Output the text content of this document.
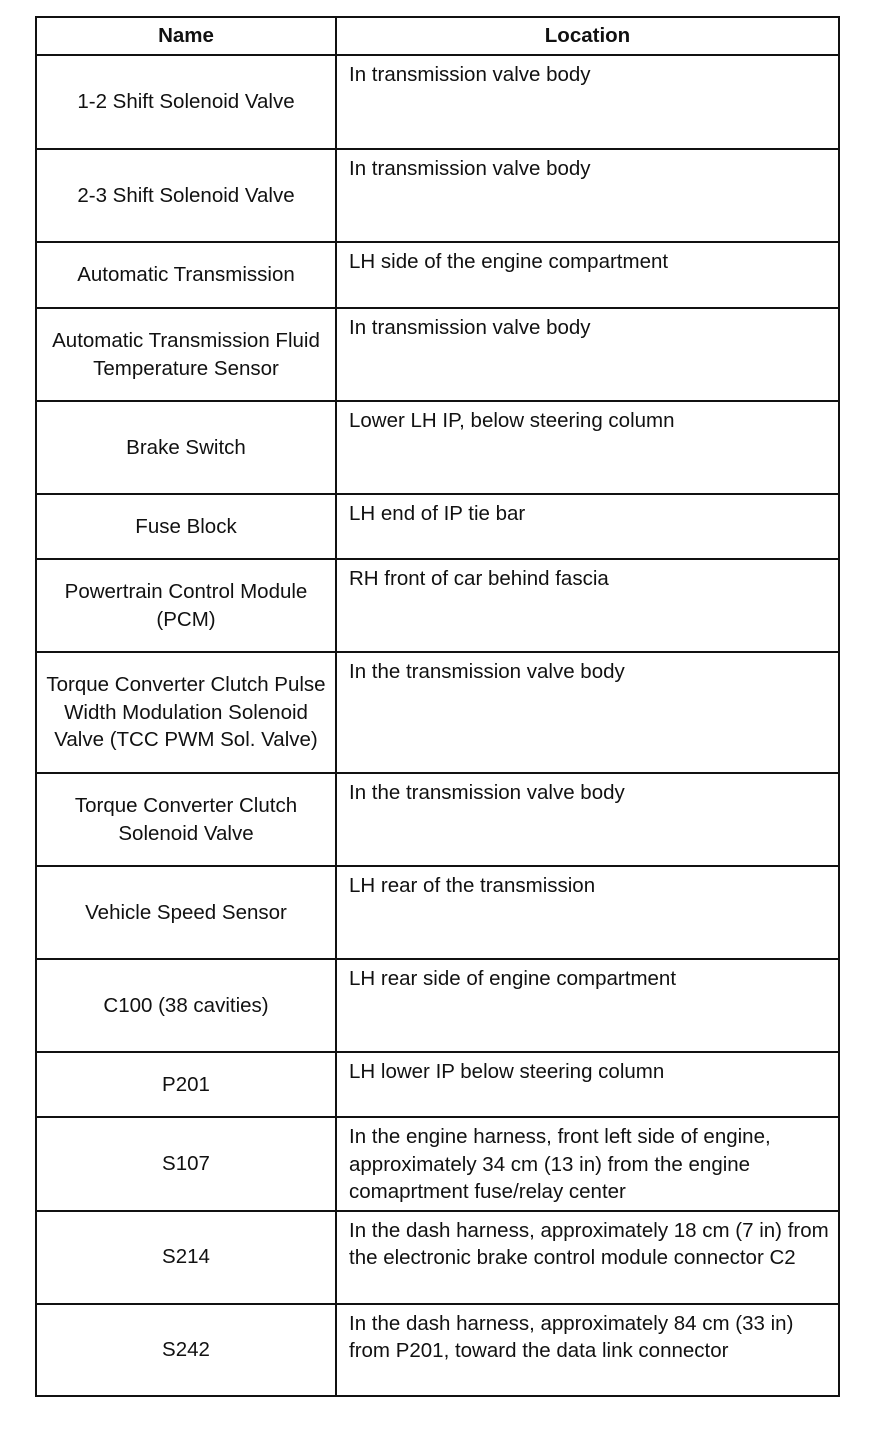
Name	Location
1-2 Shift Solenoid Valve	In transmission valve body
2-3 Shift Solenoid Valve	In transmission valve body
Automatic Transmission	LH side of the engine compartment
Automatic Transmission Fluid Temperature Sensor	In transmission valve body
Brake Switch	Lower LH IP, below steering column
Fuse Block	LH end of IP tie bar
Powertrain Control Module (PCM)	RH front of car behind fascia
Torque Converter Clutch Pulse Width Modulation Solenoid Valve (TCC PWM Sol. Valve)	In the transmission valve body
Torque Converter Clutch Solenoid Valve	In the transmission valve body
Vehicle Speed Sensor	LH rear of the transmission
C100 (38 cavities)	LH rear side of engine compartment
P201	LH lower IP below steering column
S107	In the engine harness, front left side of engine, approximately 34 cm (13 in) from the engine comaprtment fuse/relay center
S214	In the dash harness, approximately 18 cm (7 in) from the electronic brake control module connector C2
S242	In the dash harness, approximately 84 cm (33 in) from P201, toward the data link connector
